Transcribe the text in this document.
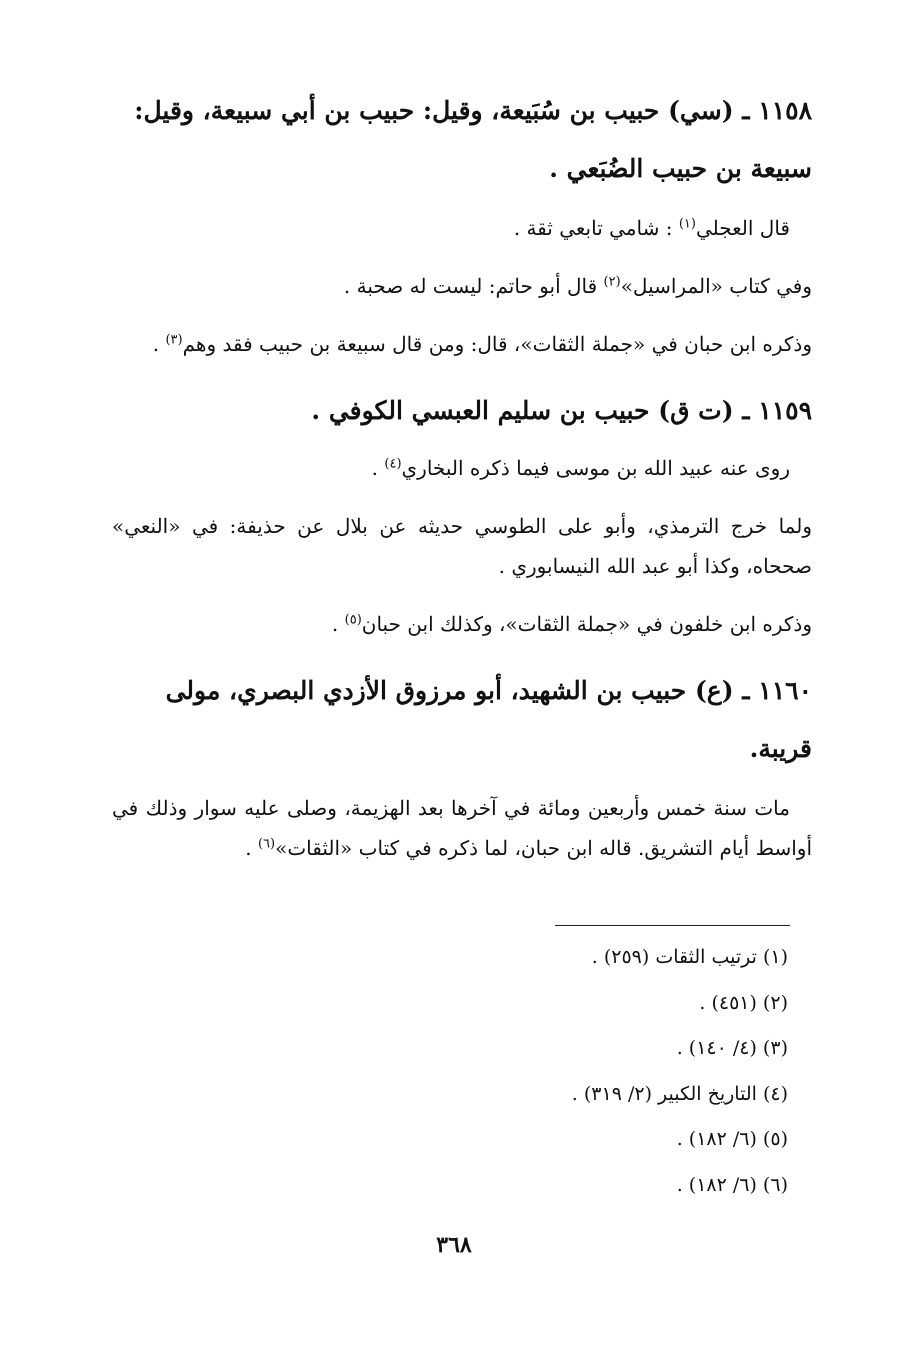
١١٥٨ ـ (سي) حبيب بن سُبَيعة، وقيل: حبيب بن أبي سبيعة، وقيل: سبيعة بن حبيب الضُبَعي .

قال العجلي$^{(١)}$ : شامي تابعي ثقة .

وفي كتاب «المراسيل»$^{(٢)}$ قال أبو حاتم: ليست له صحبة .

وذكره ابن حبان في «جملة الثقات»، قال: ومن قال سبيعة بن حبيب فقد وهم$^{(٣)}$ .

١١٥٩ ـ (ت ق) حبيب بن سليم العبسي الكوفي .

روى عنه عبيد الله بن موسى فيما ذكره البخاري$^{(٤)}$ .

ولما خرج الترمذي، وأبو على الطوسي حديثه عن بلال عن حذيفة: في «النعي» صححاه، وكذا أبو عبد الله النيسابوري .

وذكره ابن خلفون في «جملة الثقات»، وكذلك ابن حبان$^{(٥)}$ .

١١٦٠ ـ (ع) حبيب بن الشهيد، أبو مرزوق الأزدي البصري، مولى قريبة.

مات سنة خمس وأربعين ومائة في آخرها بعد الهزيمة، وصلى عليه سوار وذلك في أواسط أيام التشريق. قاله ابن حبان، لما ذكره في كتاب «الثقات»$^{(٦)}$ .

(١) ترتيب الثقات (٢٥٩) .

(٢) (٤٥١) .

(٣) (٤/ ١٤٠) .

(٤) التاريخ الكبير (٢/ ٣١٩) .

(٥) (٦/ ١٨٢) .

(٦) (٦/ ١٨٢) .

٣٦٨
